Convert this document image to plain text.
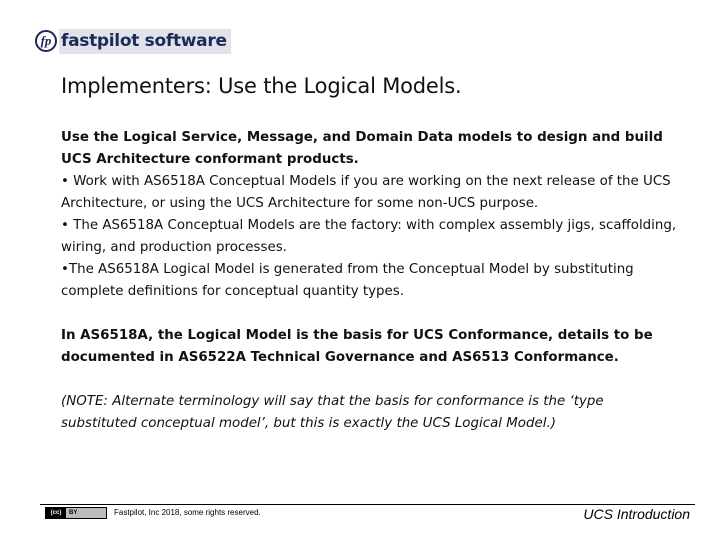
fp fastpilot software
Implementers: Use the Logical Models.

Use the Logical Service, Message, and Domain Data models to design and build UCS Architecture conformant products.

• Work with AS6518A Conceptual Models if you are working on the next release of the UCS Architecture, or using the UCS Architecture for some non-UCS purpose.

• The AS6518A Conceptual Models are the factory: with complex assembly jigs, scaffolding, wiring, and production processes.

•The AS6518A Logical Model is generated from the Conceptual Model by substituting complete definitions for conceptual quantity types.

In AS6518A, the Logical Model is the basis for UCS Conformance, details to be documented in AS6522A Technical Governance and AS6513 Conformance.

(NOTE: Alternate terminology will say that the basis for conformance is the ‘type substituted conceptual model’, but this is exactly the UCS Logical Model.)

(cc)	BY	Fastpilot, Inc 2018, some rights reserved.	UCS Introduction
